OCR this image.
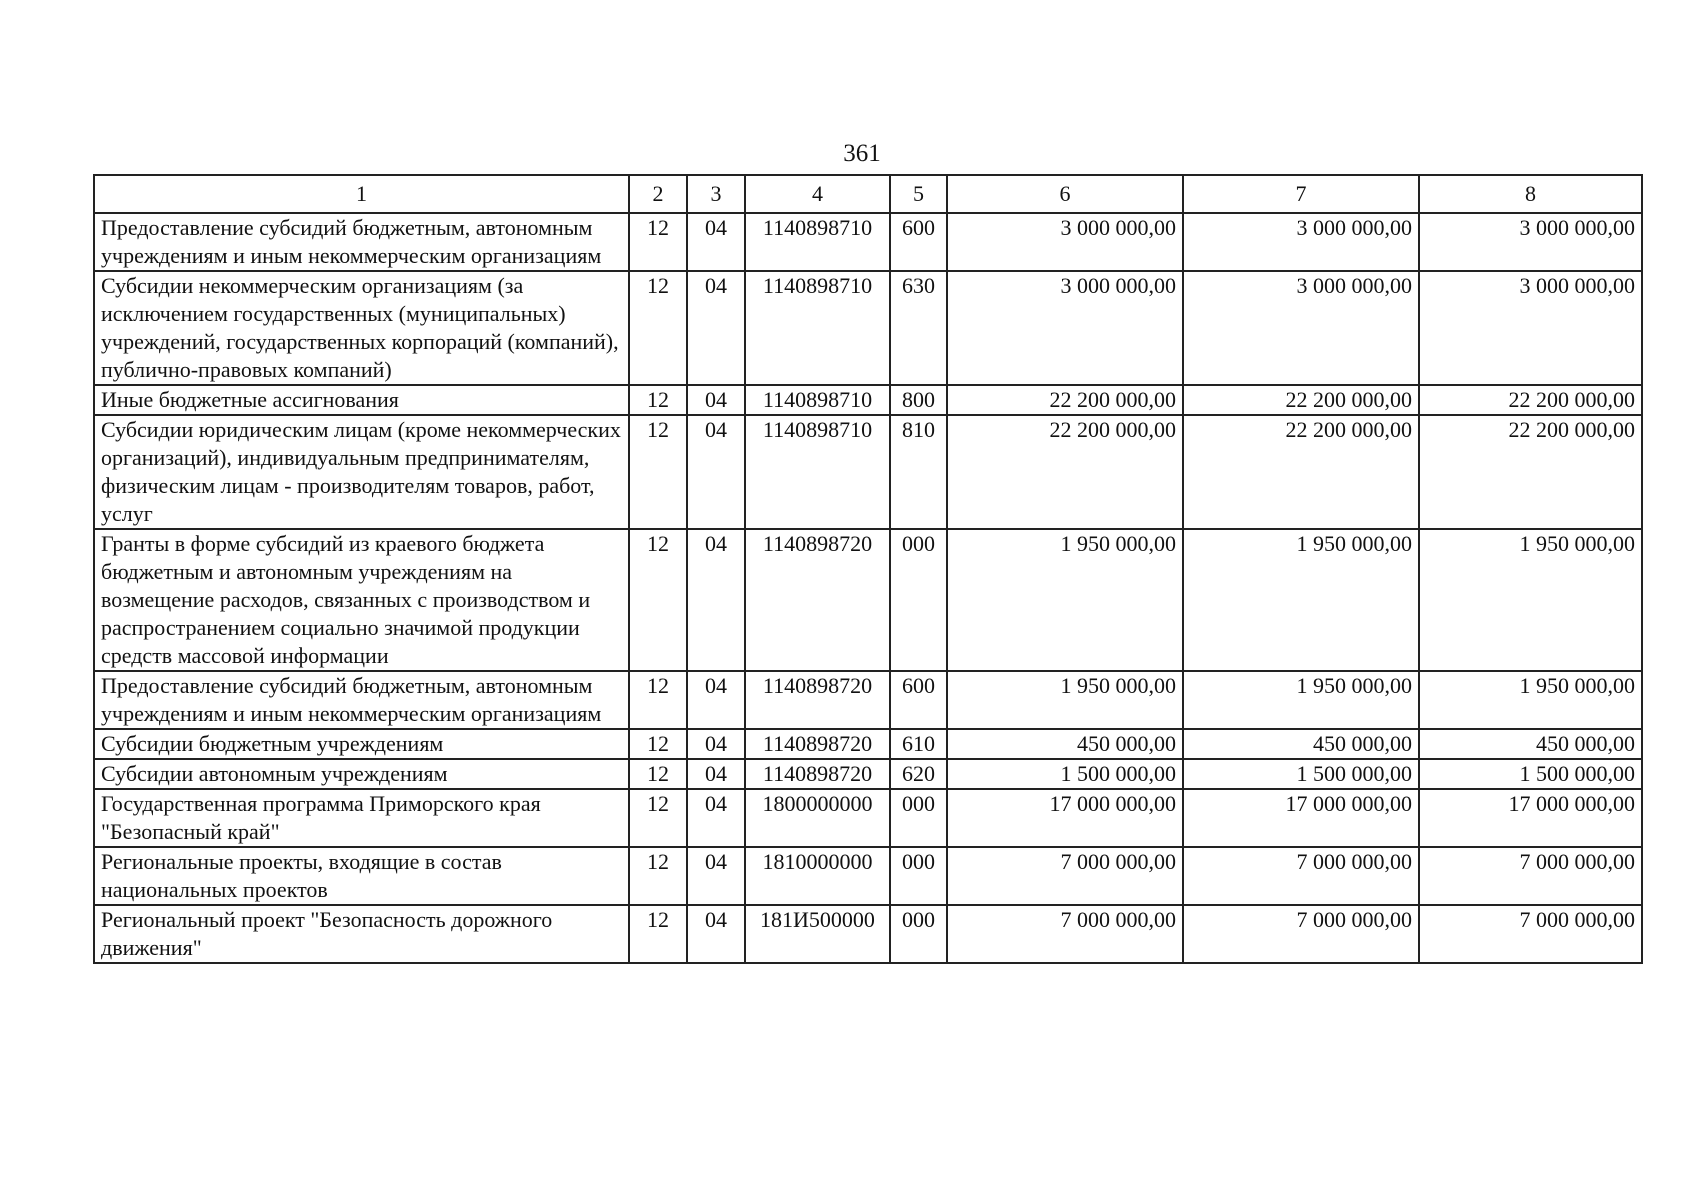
361
1	2	3	4	5	6	7	8
Предоставление субсидий бюджетным, автономным учреждениям и иным некоммерческим организациям	12	04	1140898710	600	3 000 000,00	3 000 000,00	3 000 000,00
Субсидии некоммерческим организациям (за исключением государственных (муниципальных) учреждений, государственных корпораций (компаний), публично-правовых компаний)	12	04	1140898710	630	3 000 000,00	3 000 000,00	3 000 000,00
Иные бюджетные ассигнования	12	04	1140898710	800	22 200 000,00	22 200 000,00	22 200 000,00
Субсидии юридическим лицам (кроме некоммерческих организаций), индивидуальным предпринимателям, физическим лицам - производителям товаров, работ, услуг	12	04	1140898710	810	22 200 000,00	22 200 000,00	22 200 000,00
Гранты в форме субсидий из краевого бюджета бюджетным и автономным учреждениям на возмещение расходов, связанных с производством и распространением социально значимой продукции средств массовой информации	12	04	1140898720	000	1 950 000,00	1 950 000,00	1 950 000,00
Предоставление субсидий бюджетным, автономным учреждениям и иным некоммерческим организациям	12	04	1140898720	600	1 950 000,00	1 950 000,00	1 950 000,00
Субсидии бюджетным учреждениям	12	04	1140898720	610	450 000,00	450 000,00	450 000,00
Субсидии автономным учреждениям	12	04	1140898720	620	1 500 000,00	1 500 000,00	1 500 000,00
Государственная программа Приморского края "Безопасный край"	12	04	1800000000	000	17 000 000,00	17 000 000,00	17 000 000,00
Региональные проекты, входящие в состав национальных проектов	12	04	1810000000	000	7 000 000,00	7 000 000,00	7 000 000,00
Региональный проект "Безопасность дорожного движения"	12	04	181И500000	000	7 000 000,00	7 000 000,00	7 000 000,00
